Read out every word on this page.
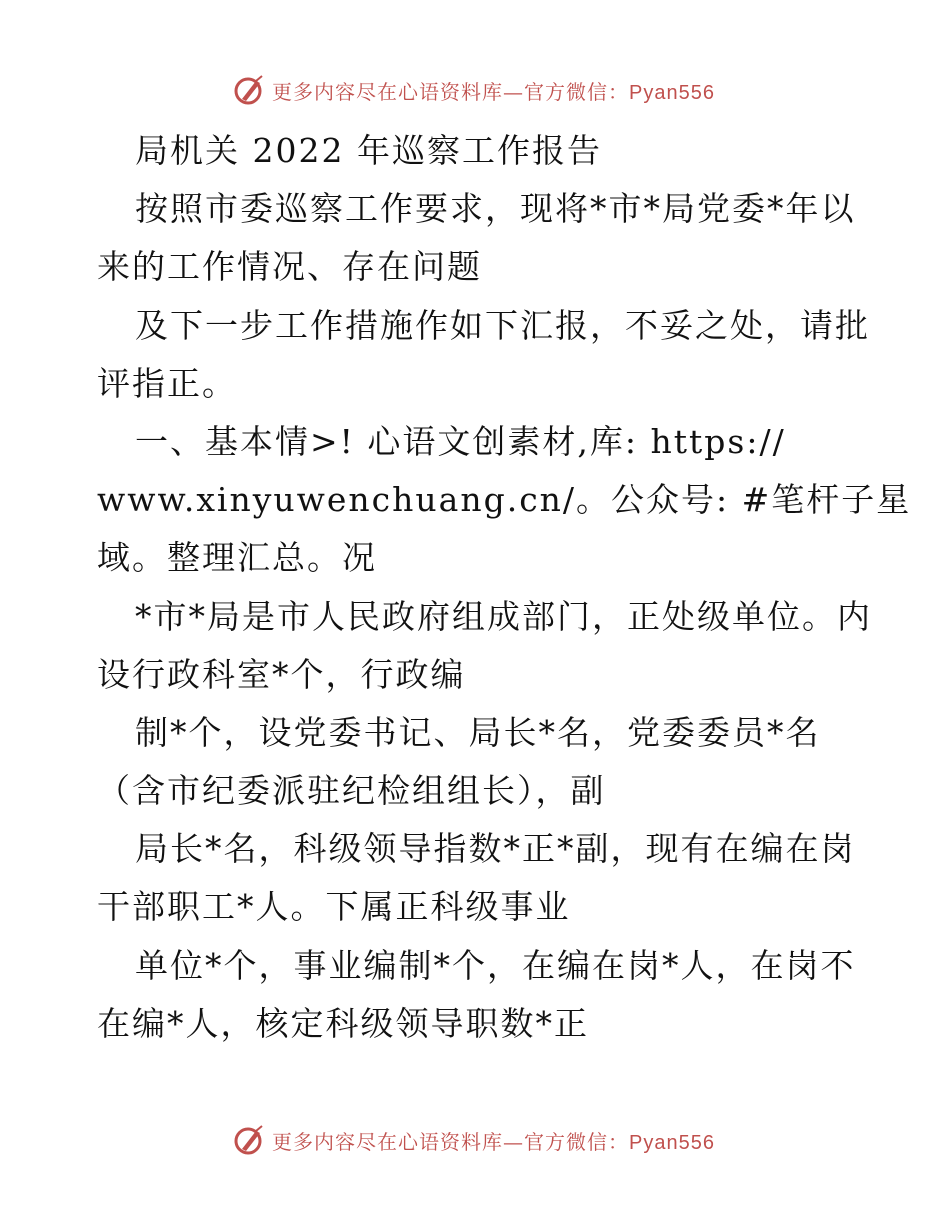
更多内容尽在心语资料库—官方微信：Pyan556
局机关 2022 年巡察工作报告
按照市委巡察工作要求，现将*市*局党委*年以
来的工作情况、存在问题
及下一步工作措施作如下汇报，不妥之处，请批
评指正。
一、基本情>! 心语文创素材,库: https://
www.xinyuwenchuang.cn/。公众号: #笔杆子星
域。整理汇总。况
*市*局是市人民政府组成部门，正处级单位。内
设行政科室*个，行政编
制*个，设党委书记、局长*名，党委委员*名
（含市纪委派驻纪检组组长），副
局长*名，科级领导指数*正*副，现有在编在岗
干部职工*人。下属正科级事业
单位*个，事业编制*个，在编在岗*人，在岗不
在编*人，核定科级领导职数*正
更多内容尽在心语资料库—官方微信：Pyan556
